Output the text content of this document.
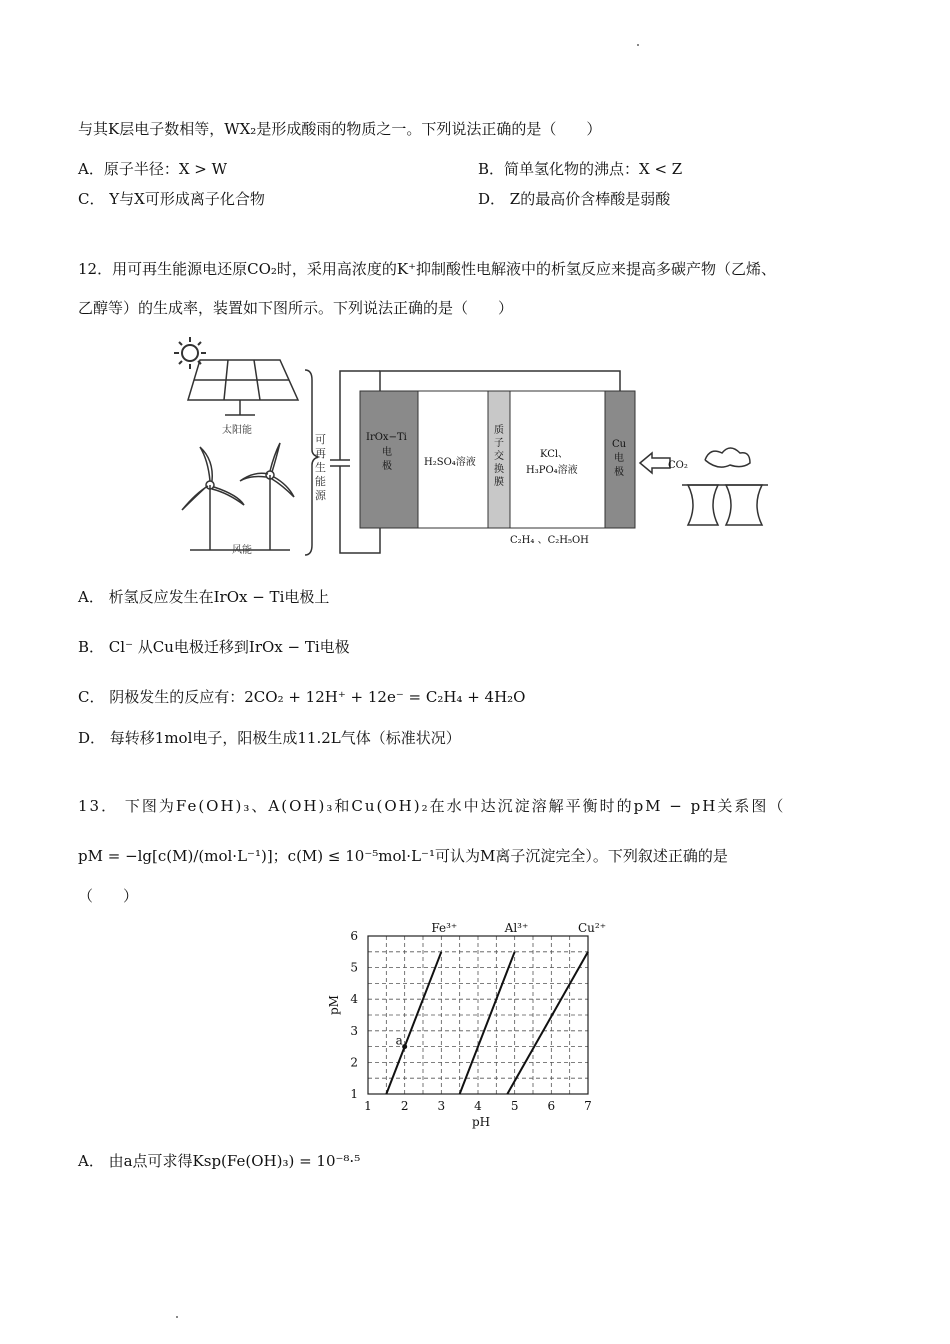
与其K层电子数相等，WX₂是形成酸雨的物质之一。下列说法正确的是（　　）
A．原子半径：X > W	B．简单氢化物的沸点：X < Z
C． Y与X可形成离子化合物	D． Z的最高价含棒酸是弱酸
12．用可再生能源电还原CO₂时，采用高浓度的K⁺抑制酸性电解液中的析氢反应来提高多碳产物（乙烯、
乙醇等）的生成率，装置如下图所示。下列说法正确的是（　　）
太阳能
风能
可再生能源
IrOx−Ti 电 极	H₂SO₄溶液
质子交换膜
KCl、
H₃PO₄溶液
Cu 电极
C₂H₄ 、C₂H₅OH
CO₂
A． 析氢反应发生在IrOx − Ti电极上
B． Cl⁻ 从Cu电极迁移到IrOx − Ti电极
C． 阴极发生的反应有：2CO₂ + 12H⁺ + 12e⁻ = C₂H₄ + 4H₂O
D． 每转移1mol电子，阳极生成11.2L气体（标准状况）
13． 下图为Fe(OH)₃、A(OH)₃和Cu(OH)₂在水中达沉淀溶解平衡时的pM − pH关系图（
pM = −lg[c(M)/(mol·L⁻¹)]；c(M) ≤ 10⁻⁵mol·L⁻¹可认为M离子沉淀完全）。下列叙述正确的是
（　　）
1 2 3 4 5 6 7
1
2
3
4
5
6
pH
pM
Fe³⁺	Al³⁺	Cu²⁺
a
A． 由a点可求得Ksp(Fe(OH)₃) = 10⁻⁸·⁵
